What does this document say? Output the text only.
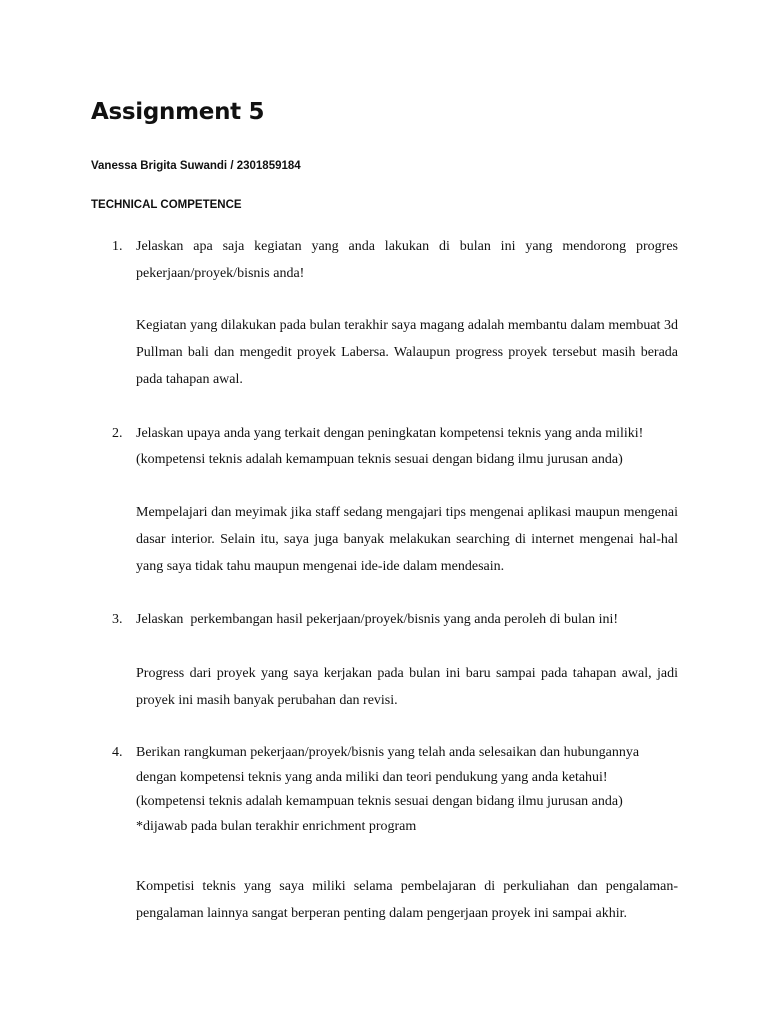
Assignment 5
Vanessa Brigita Suwandi / 2301859184
TECHNICAL COMPETENCE
1. Jelaskan apa saja kegiatan yang anda lakukan di bulan ini yang mendorong progres pekerjaan/proyek/bisnis anda!

Kegiatan yang dilakukan pada bulan terakhir saya magang adalah membantu dalam membuat 3d Pullman bali dan mengedit proyek Labersa. Walaupun progress proyek tersebut masih berada pada tahapan awal.

2. Jelaskan upaya anda yang terkait dengan peningkatan kompetensi teknis yang anda miliki!
(kompetensi teknis adalah kemampuan teknis sesuai dengan bidang ilmu jurusan anda)

Mempelajari dan meyimak jika staff sedang mengajari tips mengenai aplikasi maupun mengenai dasar interior. Selain itu, saya juga banyak melakukan searching di internet mengenai hal-hal yang saya tidak tahu maupun mengenai ide-ide dalam mendesain.

3. Jelaskan  perkembangan hasil pekerjaan/proyek/bisnis yang anda peroleh di bulan ini!

Progress dari proyek yang saya kerjakan pada bulan ini baru sampai pada tahapan awal, jadi proyek ini masih banyak perubahan dan revisi.

4. Berikan rangkuman pekerjaan/proyek/bisnis yang telah anda selesaikan dan hubungannya
dengan kompetensi teknis yang anda miliki dan teori pendukung yang anda ketahui!
(kompetensi teknis adalah kemampuan teknis sesuai dengan bidang ilmu jurusan anda)
*dijawab pada bulan terakhir enrichment program

Kompetisi teknis yang saya miliki selama pembelajaran di perkuliahan dan pengalaman-pengalaman lainnya sangat berperan penting dalam pengerjaan proyek ini sampai akhir.
